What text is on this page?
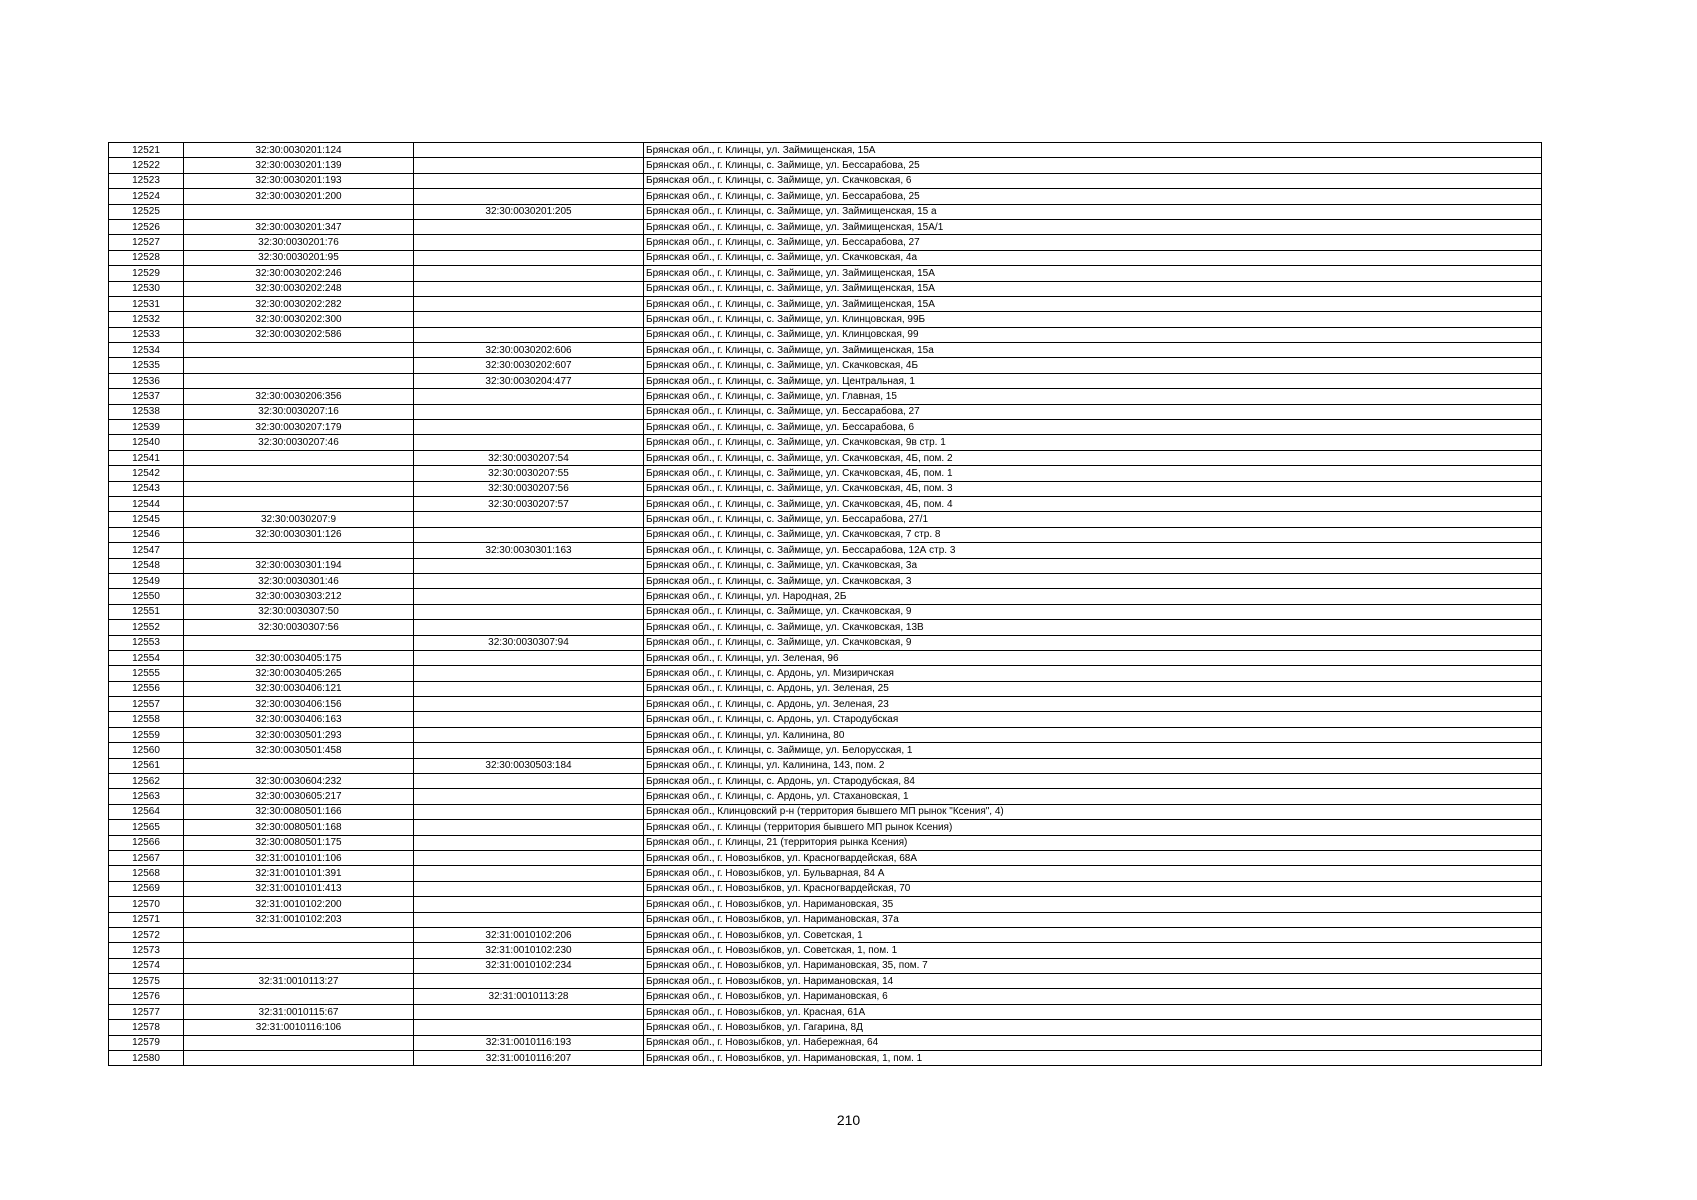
12521	32:30:0030201:124		Брянская обл., г. Клинцы, ул. Займищенская, 15А
12522	32:30:0030201:139		Брянская обл., г. Клинцы, с. Займище, ул. Бессарабова, 25
12523	32:30:0030201:193		Брянская обл., г. Клинцы, с. Займище, ул. Скачковская, 6
12524	32:30:0030201:200		Брянская обл., г. Клинцы, с. Займище, ул. Бессарабова, 25
12525		32:30:0030201:205	Брянская обл., г. Клинцы, с. Займище, ул. Займищенская, 15 а
12526	32:30:0030201:347		Брянская обл., г. Клинцы, с. Займище, ул. Займищенская, 15А/1
12527	32:30:0030201:76		Брянская обл., г. Клинцы, с. Займище, ул. Бессарабова, 27
12528	32:30:0030201:95		Брянская обл., г. Клинцы, с. Займище, ул. Скачковская, 4а
12529	32:30:0030202:246		Брянская обл., г. Клинцы, с. Займище, ул. Займищенская, 15А
12530	32:30:0030202:248		Брянская обл., г. Клинцы, с. Займище, ул. Займищенская, 15А
12531	32:30:0030202:282		Брянская обл., г. Клинцы, с. Займище, ул. Займищенская, 15А
12532	32:30:0030202:300		Брянская обл., г. Клинцы, с. Займище, ул. Клинцовская, 99Б
12533	32:30:0030202:586		Брянская обл., г. Клинцы, с. Займище, ул. Клинцовская, 99
12534		32:30:0030202:606	Брянская обл., г. Клинцы, с. Займище, ул. Займищенская, 15а
12535		32:30:0030202:607	Брянская обл., г. Клинцы, с. Займище, ул. Скачковская, 4Б
12536		32:30:0030204:477	Брянская обл., г. Клинцы, с. Займище, ул. Центральная, 1
12537	32:30:0030206:356		Брянская обл., г. Клинцы, с. Займище, ул. Главная, 15
12538	32:30:0030207:16		Брянская обл., г. Клинцы, с. Займище, ул. Бессарабова, 27
12539	32:30:0030207:179		Брянская обл., г. Клинцы, с. Займище, ул. Бессарабова, 6
12540	32:30:0030207:46		Брянская обл., г. Клинцы, с. Займище, ул. Скачковская, 9в стр. 1
12541		32:30:0030207:54	Брянская обл., г. Клинцы, с. Займище, ул. Скачковская, 4Б, пом. 2
12542		32:30:0030207:55	Брянская обл., г. Клинцы, с. Займище, ул. Скачковская, 4Б, пом. 1
12543		32:30:0030207:56	Брянская обл., г. Клинцы, с. Займище, ул. Скачковская, 4Б, пом. 3
12544		32:30:0030207:57	Брянская обл., г. Клинцы, с. Займище, ул. Скачковская, 4Б, пом. 4
12545	32:30:0030207:9		Брянская обл., г. Клинцы, с. Займище, ул. Бессарабова, 27/1
12546	32:30:0030301:126		Брянская обл., г. Клинцы, с. Займище, ул. Скачковская, 7 стр. 8
12547		32:30:0030301:163	Брянская обл., г. Клинцы, с. Займище, ул. Бессарабова, 12А стр. 3
12548	32:30:0030301:194		Брянская обл., г. Клинцы, с. Займище, ул. Скачковская, 3а
12549	32:30:0030301:46		Брянская обл., г. Клинцы, с. Займище, ул. Скачковская, 3
12550	32:30:0030303:212		Брянская обл., г. Клинцы, ул. Народная, 2Б
12551	32:30:0030307:50		Брянская обл., г. Клинцы, с. Займище, ул. Скачковская, 9
12552	32:30:0030307:56		Брянская обл., г. Клинцы, с. Займище, ул. Скачковская, 13В
12553		32:30:0030307:94	Брянская обл., г. Клинцы, с. Займище, ул. Скачковская, 9
12554	32:30:0030405:175		Брянская обл., г. Клинцы, ул. Зеленая, 96
12555	32:30:0030405:265		Брянская обл., г. Клинцы, с. Ардонь, ул. Мизиричская
12556	32:30:0030406:121		Брянская обл., г. Клинцы, с. Ардонь, ул. Зеленая, 25
12557	32:30:0030406:156		Брянская обл., г. Клинцы, с. Ардонь, ул. Зеленая, 23
12558	32:30:0030406:163		Брянская обл., г. Клинцы, с. Ардонь, ул. Стародубская
12559	32:30:0030501:293		Брянская обл., г. Клинцы, ул. Калинина, 80
12560	32:30:0030501:458		Брянская обл., г. Клинцы, с. Займище, ул. Белорусская, 1
12561		32:30:0030503:184	Брянская обл., г. Клинцы, ул. Калинина, 143, пом. 2
12562	32:30:0030604:232		Брянская обл., г. Клинцы, с. Ардонь, ул. Стародубская, 84
12563	32:30:0030605:217		Брянская обл., г. Клинцы, с. Ардонь, ул. Стахановская, 1
12564	32:30:0080501:166		Брянская обл., Клинцовский р-н (территория бывшего МП рынок "Ксения", 4)
12565	32:30:0080501:168		Брянская обл., г. Клинцы (территория бывшего МП рынок Ксения)
12566	32:30:0080501:175		Брянская обл., г. Клинцы, 21 (территория рынка Ксения)
12567	32:31:0010101:106		Брянская обл., г. Новозыбков, ул. Красногвардейская, 68А
12568	32:31:0010101:391		Брянская обл., г. Новозыбков, ул. Бульварная, 84 А
12569	32:31:0010101:413		Брянская обл., г. Новозыбков, ул. Красногвардейская, 70
12570	32:31:0010102:200		Брянская обл., г. Новозыбков, ул. Наримановская, 35
12571	32:31:0010102:203		Брянская обл., г. Новозыбков, ул. Наримановская, 37а
12572		32:31:0010102:206	Брянская обл., г. Новозыбков, ул. Советская, 1
12573		32:31:0010102:230	Брянская обл., г. Новозыбков, ул. Советская, 1, пом. 1
12574		32:31:0010102:234	Брянская обл., г. Новозыбков, ул. Наримановская, 35, пом. 7
12575	32:31:0010113:27		Брянская обл., г. Новозыбков, ул. Наримановская, 14
12576		32:31:0010113:28	Брянская обл., г. Новозыбков, ул. Наримановская, 6
12577	32:31:0010115:67		Брянская обл., г. Новозыбков, ул. Красная, 61А
12578	32:31:0010116:106		Брянская обл., г. Новозыбков, ул. Гагарина, 8Д
12579		32:31:0010116:193	Брянская обл., г. Новозыбков, ул. Набережная, 64
12580		32:31:0010116:207	Брянская обл., г. Новозыбков, ул. Наримановская, 1, пом. 1
210
